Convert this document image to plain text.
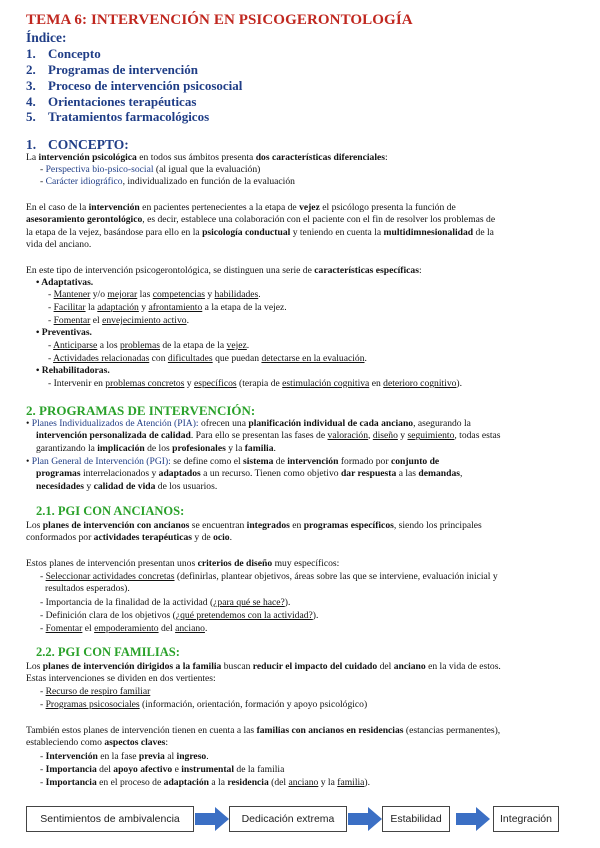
TEMA 6: INTERVENCIÓN EN PSICOGERONTOLOGÍA
Índice:
1. Concepto
2. Programas de intervención
3. Proceso de intervención psicosocial
4. Orientaciones terapéuticas
5. Tratamientos farmacológicos
1. CONCEPTO:
La intervención psicológica en todos sus ámbitos presenta dos características diferenciales:
- Perspectiva bio-psico-social (al igual que la evaluación)
- Carácter idiográfico, individualizado en función de la evaluación
En el caso de la intervención en pacientes pertenecientes a la etapa de vejez el psicólogo presenta la función de
asesoramiento gerontológico, es decir, establece una colaboración con el paciente con el fin de resolver los problemas de
la etapa de la vejez, basándose para ello en la psicología conductual y teniendo en cuenta la multidimnesionalidad de la
vida del anciano.
En este tipo de intervención psicogerontológica, se distinguen una serie de características específicas:
• Adaptativas.
- Mantener y/o mejorar las competencias y habilidades.
- Facilitar la adaptación y afrontamiento a la etapa de la vejez.
- Fomentar el envejecimiento activo.
• Preventivas.
- Anticiparse a los problemas de la etapa de la vejez.
- Actividades relacionadas con dificultades que puedan detectarse en la evaluación.
• Rehabilitadoras.
- Intervenir en problemas concretos y específicos (terapia de estimulación cognitiva en deterioro cognitivo).
2. PROGRAMAS DE INTERVENCIÓN:
• Planes Individualizados de Atención (PIA): ofrecen una planificación individual de cada anciano, asegurando la
intervención personalizada de calidad. Para ello se presentan las fases de valoración, diseño y seguimiento, todas estas
garantizando la implicación de los profesionales y la familia.
• Plan General de Intervención (PGI): se define como el sistema de intervención formado por conjunto de
programas interrelacionados y adaptados a un recurso. Tienen como objetivo dar respuesta a las demandas,
necesidades y calidad de vida de los usuarios.
2.1. PGI CON ANCIANOS:
Los planes de intervención con ancianos se encuentran integrados en programas específicos, siendo los principales
conformados por actividades terapéuticas y de ocio.
Estos planes de intervención presentan unos criterios de diseño muy específicos:
- Seleccionar actividades concretas (definirlas, plantear objetivos, áreas sobre las que se interviene, evaluación inicial y
resultados esperados).
- Importancia de la finalidad de la actividad (¿para qué se hace?).
- Definición clara de los objetivos (¿qué pretendemos con la actividad?).
- Fomentar el empoderamiento del anciano.
2.2. PGI CON FAMILIAS:
Los planes de intervención dirigidos a la familia buscan reducir el impacto del cuidado del anciano en la vida de estos.
Estas intervenciones se dividen en dos vertientes:
- Recurso de respiro familiar
- Programas psicosociales (información, orientación, formación y apoyo psicológico)
También estos planes de intervención tienen en cuenta a las familias con ancianos en residencias (estancias permanentes),
estableciendo como aspectos claves:
- Intervención en la fase previa al ingreso.
- Importancia del apoyo afectivo e instrumental de la familia
- Importancia en el proceso de adaptación a la residencia (del anciano y la familia).
Sentimientos de ambivalencia	Dedicación extrema	Estabilidad	Integración
